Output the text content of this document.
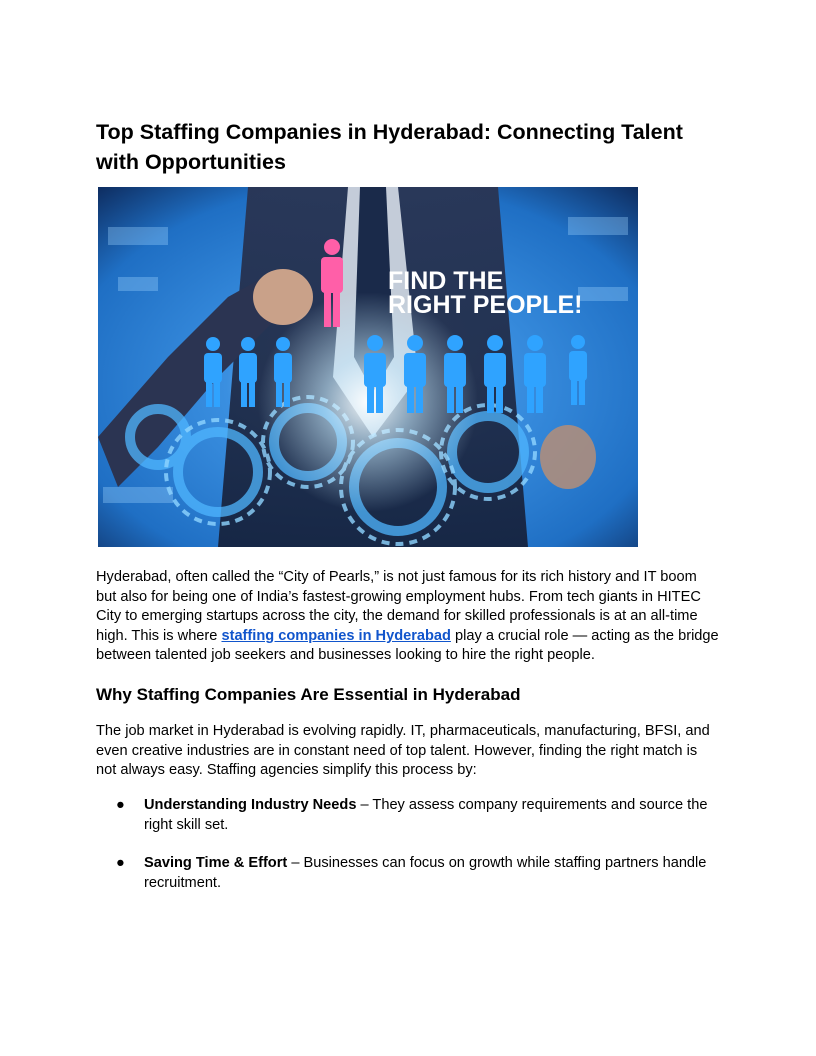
Top Staffing Companies in Hyderabad: Connecting Talent with Opportunities
FIND THE
RIGHT PEOPLE!

Hyderabad, often called the “City of Pearls,” is not just famous for its rich history and IT boom but also for being one of India’s fastest-growing employment hubs. From tech giants in HITEC City to emerging startups across the city, the demand for skilled professionals is at an all-time high. This is where staffing companies in Hyderabad play a crucial role — acting as the bridge between talented job seekers and businesses looking to hire the right people.

Why Staffing Companies Are Essential in Hyderabad

The job market in Hyderabad is evolving rapidly. IT, pharmaceuticals, manufacturing, BFSI, and even creative industries are in constant need of top talent. However, finding the right match is not always easy. Staffing agencies simplify this process by:

● Understanding Industry Needs – They assess company requirements and source the right skill set.
● Saving Time & Effort – Businesses can focus on growth while staffing partners handle recruitment.
